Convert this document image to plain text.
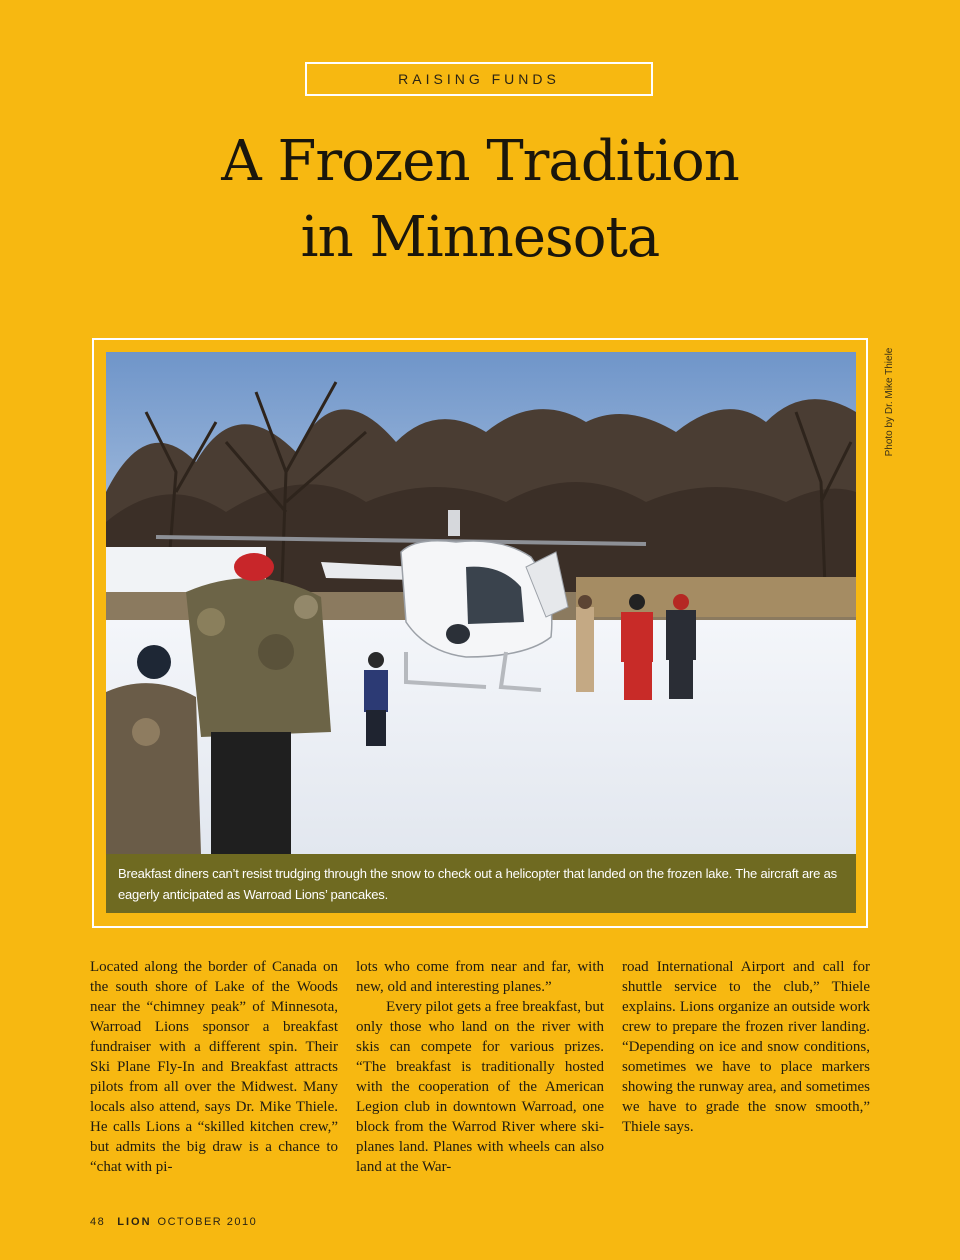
RAISING FUNDS
A Frozen Tradition
in Minnesota
Breakfast diners can’t resist trudging through the snow to check out a helicopter that landed on the frozen lake. The aircraft are as eagerly anticipated as Warroad Lions’ pancakes.
Photo by Dr. Mike Thiele

Located along the border of Canada on the south shore of Lake of the Woods near the “chimney peak” of Minnesota, Warroad Lions sponsor a breakfast fundraiser with a different spin. Their Ski Plane Fly-In and Breakfast attracts pilots from all over the Midwest. Many locals also attend, says Dr. Mike Thiele. He calls Lions a “skilled kitchen crew,” but admits the big draw is a chance to “chat with pi-

lots who come from near and far, with new, old and interesting planes.”

Every pilot gets a free breakfast, but only those who land on the river with skis can compete for various prizes. “The breakfast is traditionally hosted with the cooperation of the American Legion club in downtown Warroad, one block from the Warrod River where ski-planes land. Planes with wheels can also land at the War-

road International Airport and call for shuttle service to the club,” Thiele explains. Lions organize an outside work crew to prepare the frozen river landing. “Depending on ice and snow conditions, sometimes we have to place markers showing the runway area, and sometimes we have to grade the snow smooth,” Thiele says.

48 LION OCTOBER 2010
